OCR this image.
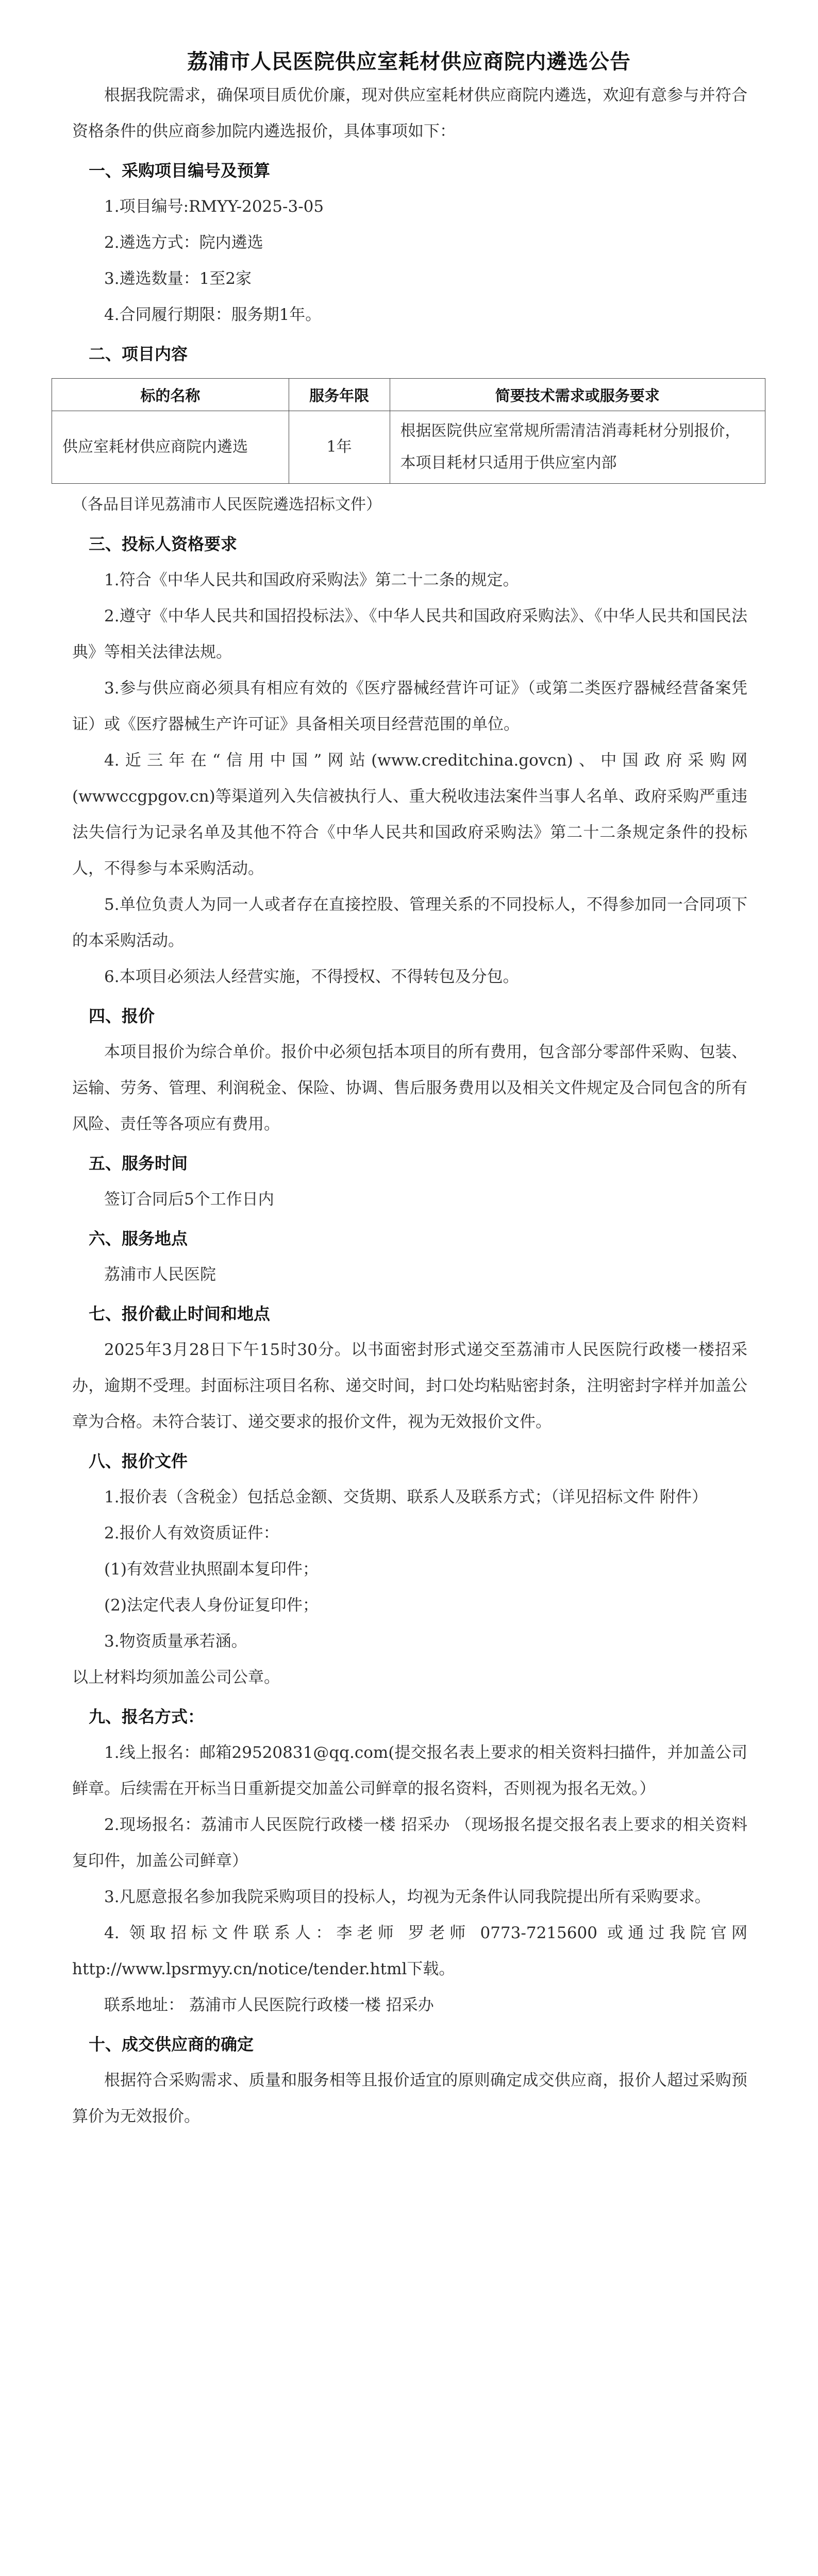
荔浦市人民医院供应室耗材供应商院内遴选公告

根据我院需求，确保项目质优价廉，现对供应室耗材供应商院内遴选，欢迎有意参与并符合资格条件的供应商参加院内遴选报价，具体事项如下：

一、采购项目编号及预算

1.项目编号:RMYY-2025-3-05

2.遴选方式：院内遴选

3.遴选数量：1至2家

4.合同履行期限：服务期1年。

二、项目内容
标的名称	服务年限	简要技术需求或服务要求
供应室耗材供应商院内遴选	1年	根据医院供应室常规所需清洁消毒耗材分别报价，本项目耗材只适用于供应室内部

（各品目详见荔浦市人民医院遴选招标文件）

三、投标人资格要求

1.符合《中华人民共和国政府采购法》第二十二条的规定。

2.遵守《中华人民共和国招投标法》、《中华人民共和国政府采购法》、《中华人民共和国民法典》等相关法律法规。

3.参与供应商必须具有相应有效的《医疗器械经营许可证》（或第二类医疗器械经营备案凭证）或《医疗器械生产许可证》具备相关项目经营范围的单位。

4.近三年在“信用中国”网站(www.creditchina.govcn)、中国政府采购网(wwwccgpgov.cn)等渠道列入失信被执行人、重大税收违法案件当事人名单、政府采购严重违法失信行为记录名单及其他不符合《中华人民共和国政府采购法》第二十二条规定条件的投标人，不得参与本采购活动。

5.单位负责人为同一人或者存在直接控股、管理关系的不同投标人，不得参加同一合同项下的本采购活动。

6.本项目必须法人经营实施，不得授权、不得转包及分包。

四、报价

本项目报价为综合单价。报价中必须包括本项目的所有费用，包含部分零部件采购、包装、运输、劳务、管理、利润税金、保险、协调、售后服务费用以及相关文件规定及合同包含的所有风险、责任等各项应有费用。

五、服务时间

签订合同后5个工作日内

六、服务地点

荔浦市人民医院

七、报价截止时间和地点

2025年3月28日下午15时30分。以书面密封形式递交至荔浦市人民医院行政楼一楼招采办，逾期不受理。封面标注项目名称、递交时间，封口处均粘贴密封条，注明密封字样并加盖公章为合格。未符合装订、递交要求的报价文件，视为无效报价文件。

八、报价文件

1.报价表（含税金）包括总金额、交货期、联系人及联系方式；（详见招标文件 附件）

2.报价人有效资质证件：

(1)有效营业执照副本复印件；

(2)法定代表人身份证复印件；

3.物资质量承若涵。

以上材料均须加盖公司公章。

九、报名方式：

1.线上报名：邮箱29520831@qq.com(提交报名表上要求的相关资料扫描件，并加盖公司鲜章。后续需在开标当日重新提交加盖公司鲜章的报名资料，否则视为报名无效。）

2.现场报名：荔浦市人民医院行政楼一楼 招采办 （现场报名提交报名表上要求的相关资料复印件，加盖公司鲜章）

3.凡愿意报名参加我院采购项目的投标人，均视为无条件认同我院提出所有采购要求。

4. 领取招标文件联系人：李老师 罗老师 0773-7215600 或通过我院官网http://www.lpsrmyy.cn/notice/tender.html下载。

联系地址： 荔浦市人民医院行政楼一楼 招采办

十、成交供应商的确定

根据符合采购需求、质量和服务相等且报价适宜的原则确定成交供应商，报价人超过采购预算价为无效报价。
